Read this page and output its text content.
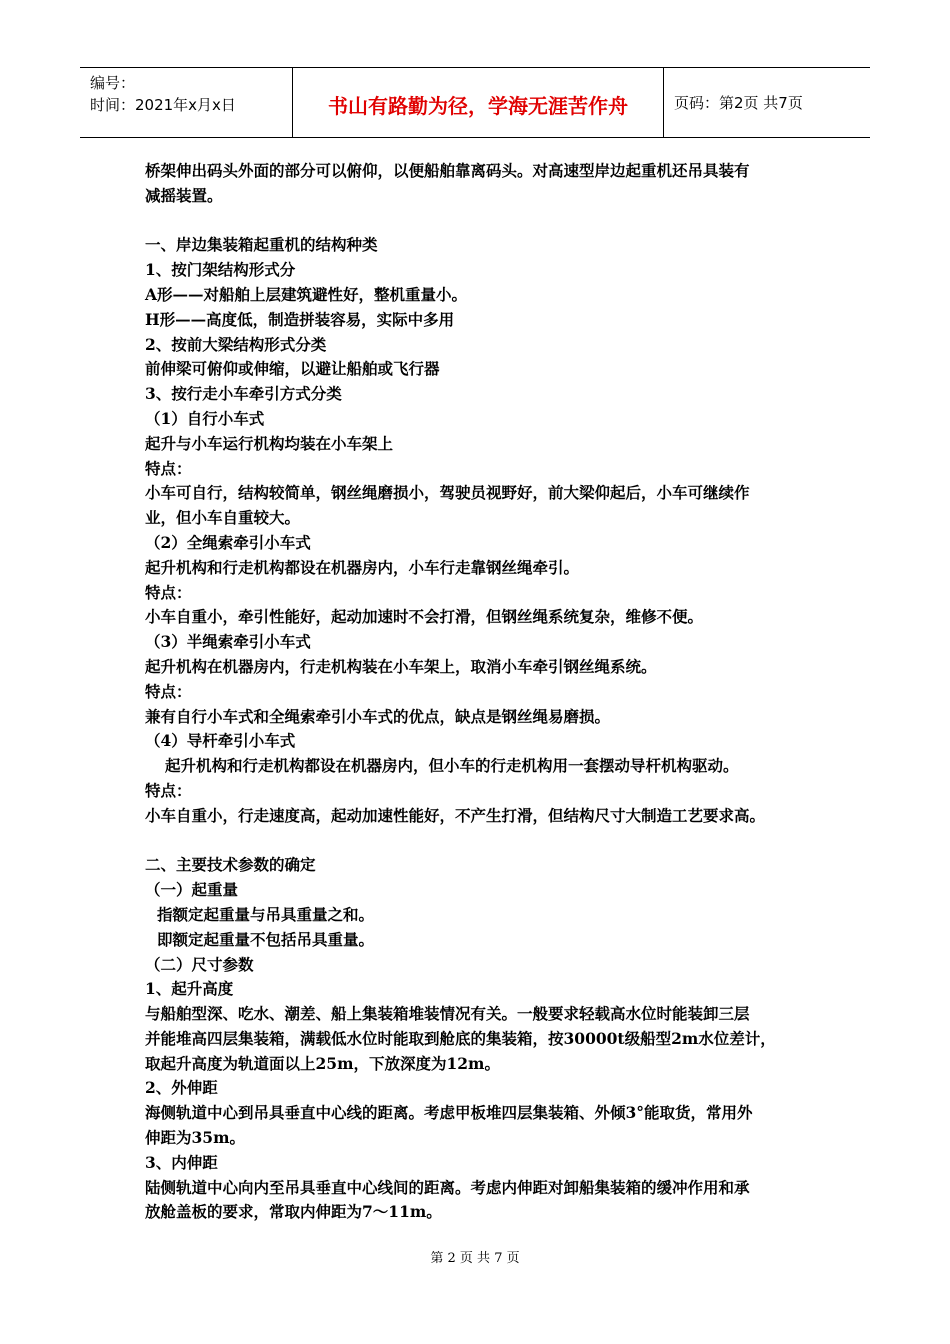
编号：
时间：2021年x月x日	书山有路勤为径，学海无涯苦作舟	页码：第2页 共7页

桥架伸出码头外面的部分可以俯仰，以便船舶靠离码头。对高速型岸边起重机还吊具装有

减摇装置。

一、岸边集装箱起重机的结构种类

1、按门架结构形式分

A形——对船舶上层建筑避性好，整机重量小。

H形——高度低，制造拼装容易，实际中多用

2、按前大梁结构形式分类

前伸梁可俯仰或伸缩，以避让船舶或飞行器

3、按行走小车牵引方式分类

（1）自行小车式

起升与小车运行机构均装在小车架上

特点：

小车可自行，结构较简单，钢丝绳磨损小，驾驶员视野好，前大梁仰起后，小车可继续作

业，但小车自重较大。

（2）全绳索牵引小车式

起升机构和行走机构都设在机器房内，小车行走靠钢丝绳牵引。

特点：

小车自重小，牵引性能好，起动加速时不会打滑，但钢丝绳系统复杂，维修不便。

（3）半绳索牵引小车式

起升机构在机器房内，行走机构装在小车架上，取消小车牵引钢丝绳系统。

特点：

兼有自行小车式和全绳索牵引小车式的优点，缺点是钢丝绳易磨损。

（4）导杆牵引小车式

起升机构和行走机构都设在机器房内，但小车的行走机构用一套摆动导杆机构驱动。

特点：

小车自重小，行走速度高，起动加速性能好，不产生打滑，但结构尺寸大制造工艺要求高。

二、主要技术参数的确定

（一）起重量

指额定起重量与吊具重量之和。

即额定起重量不包括吊具重量。

（二）尺寸参数

1、起升高度

与船舶型深、吃水、潮差、船上集装箱堆装情况有关。一般要求轻载高水位时能装卸三层

并能堆高四层集装箱，满载低水位时能取到舱底的集装箱，按30000t级船型2m水位差计，

取起升高度为轨道面以上25m，下放深度为12m。

2、外伸距

海侧轨道中心到吊具垂直中心线的距离。考虑甲板堆四层集装箱、外倾3°能取货，常用外

伸距为35m。

3、内伸距

陆侧轨道中心向内至吊具垂直中心线间的距离。考虑内伸距对卸船集装箱的缓冲作用和承

放舱盖板的要求，常取内伸距为7～11m。

第 2 页 共 7 页
